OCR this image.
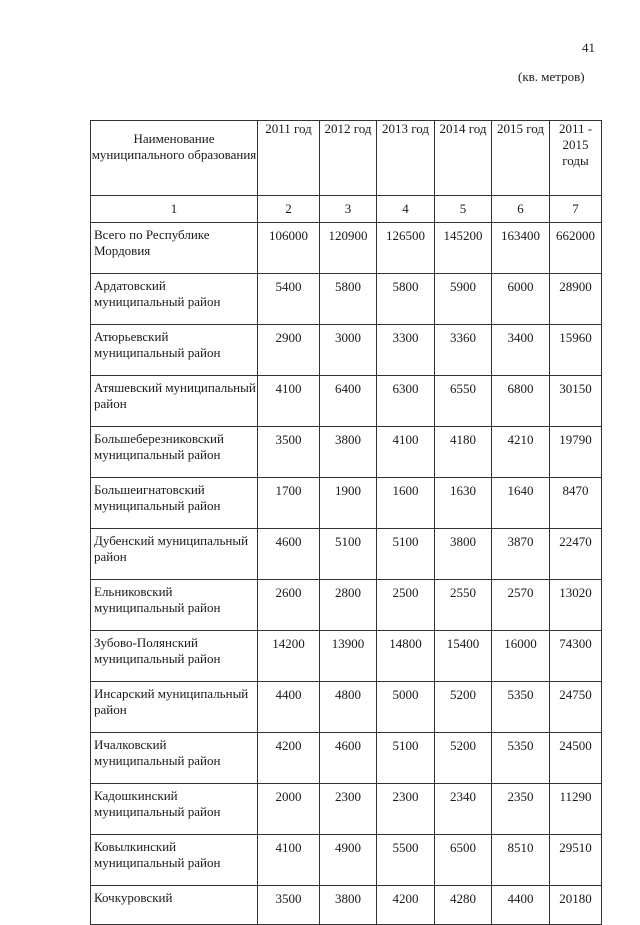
41
(кв. метров)
Наименование муниципального образования	2011 год	2012 год	2013 год	2014 год	2015 год	2011 - 2015 годы
1	2	3	4	5	6	7
Всего по Республике Мордовия	106000	120900	126500	145200	163400	662000
Ардатовский муниципальный район	5400	5800	5800	5900	6000	28900
Атюрьевский муниципальный район	2900	3000	3300	3360	3400	15960
Атяшевский муниципальный район	4100	6400	6300	6550	6800	30150
Большеберезниковский муниципальный район	3500	3800	4100	4180	4210	19790
Большеигнатовский муниципальный район	1700	1900	1600	1630	1640	8470
Дубенский муниципальный район	4600	5100	5100	3800	3870	22470
Ельниковский муниципальный район	2600	2800	2500	2550	2570	13020
Зубово-Полянский муниципальный район	14200	13900	14800	15400	16000	74300
Инсарский муниципальный район	4400	4800	5000	5200	5350	24750
Ичалковский муниципальный район	4200	4600	5100	5200	5350	24500
Кадошкинский муниципальный район	2000	2300	2300	2340	2350	11290
Ковылкинский муниципальный район	4100	4900	5500	6500	8510	29510
Кочкуровский	3500	3800	4200	4280	4400	20180
